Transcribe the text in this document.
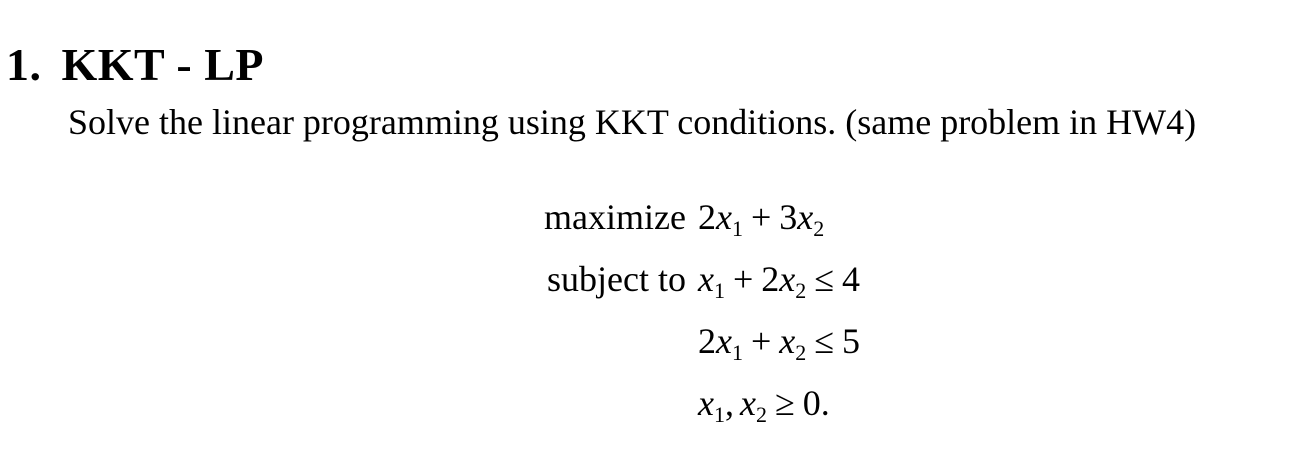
1. KKT - LP
Solve the linear programming using KKT conditions. (same problem in HW4)
maximize $2x_1 + 3x_2$
subject to $x_1 + 2x_2 \le 4$
$2x_1 + x_2 \le 5$
$x_1$, $x_2 \ge 0$.
